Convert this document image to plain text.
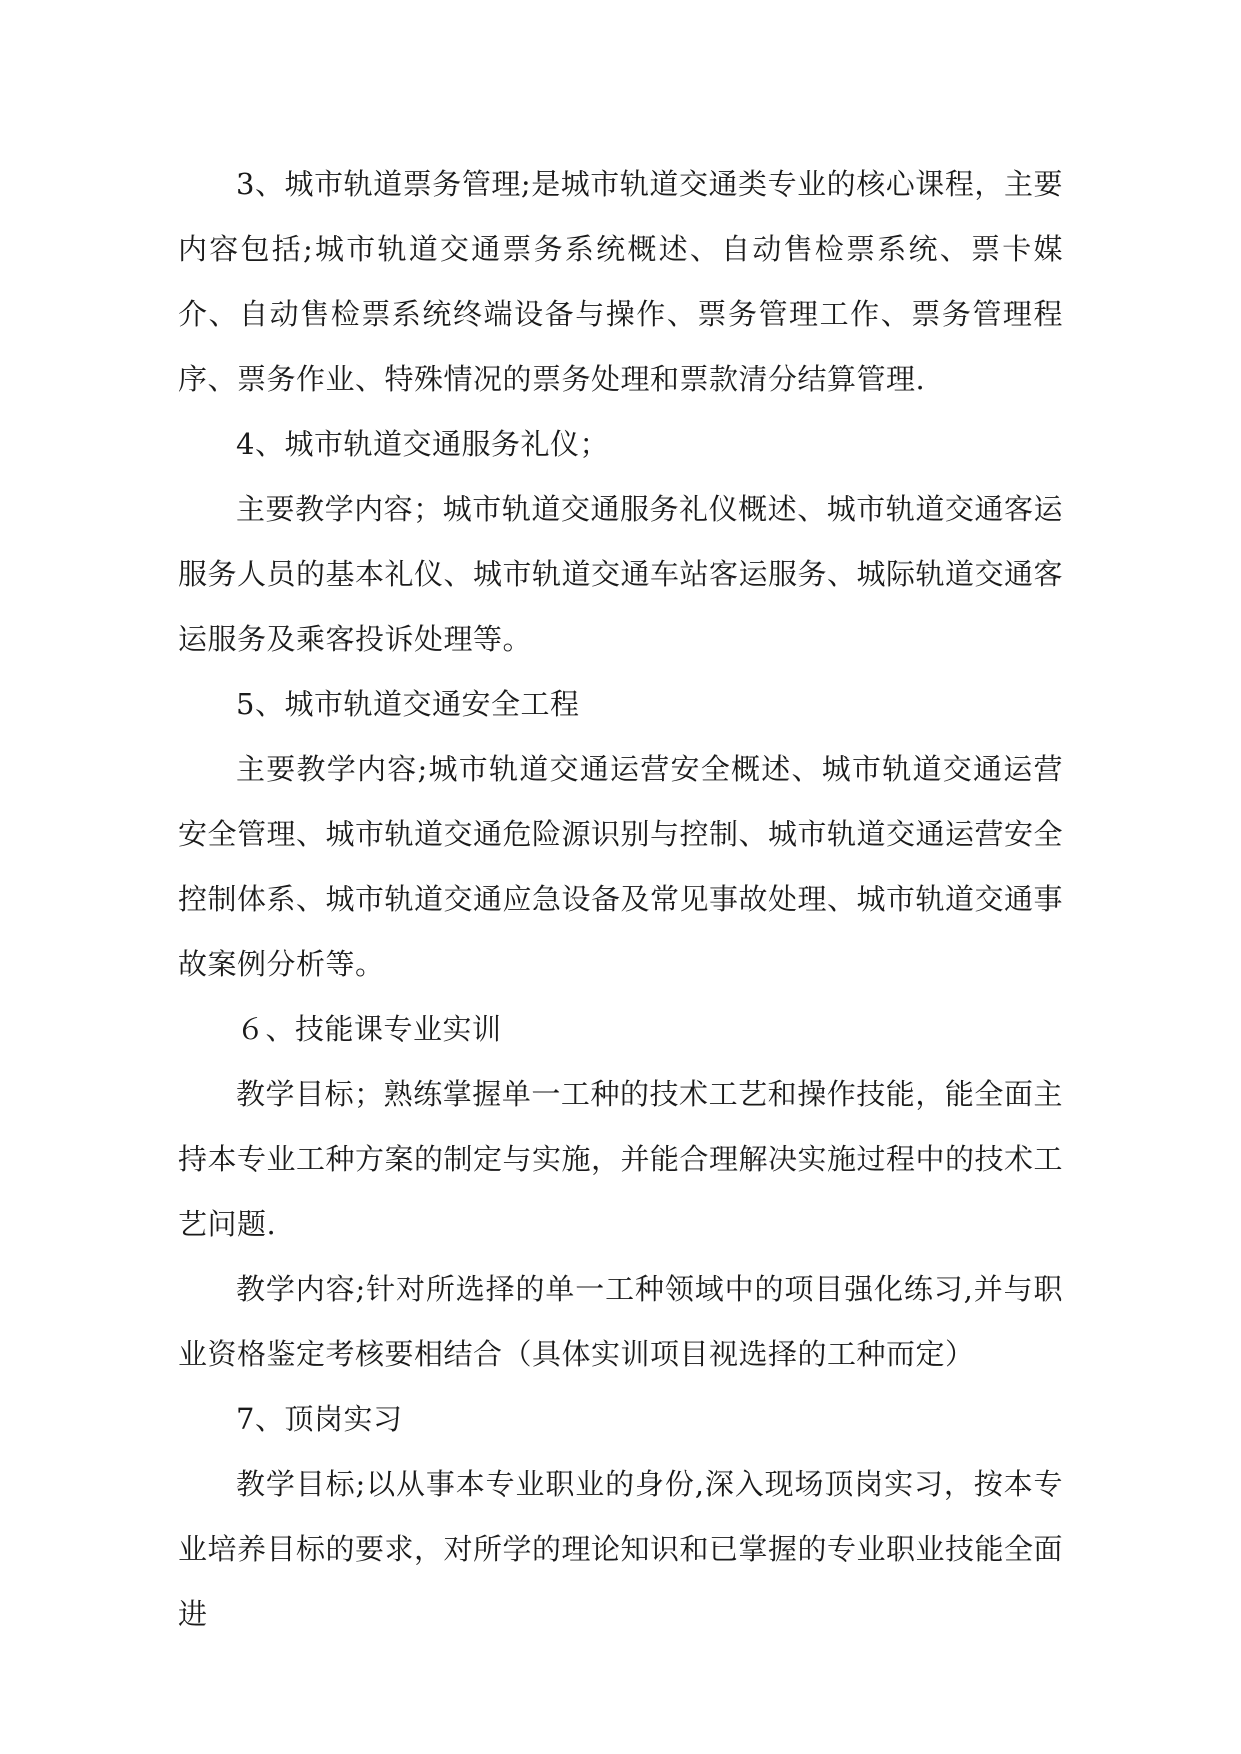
3、城市轨道票务管理;是城市轨道交通类专业的核心课程，主要内容包括;城市轨道交通票务系统概述、自动售检票系统、票卡媒介、自动售检票系统终端设备与操作、票务管理工作、票务管理程序、票务作业、特殊情况的票务处理和票款清分结算管理.

4、城市轨道交通服务礼仪；

主要教学内容；城市轨道交通服务礼仪概述、城市轨道交通客运服务人员的基本礼仪、城市轨道交通车站客运服务、城际轨道交通客运服务及乘客投诉处理等。

5、城市轨道交通安全工程

主要教学内容;城市轨道交通运营安全概述、城市轨道交通运营安全管理、城市轨道交通危险源识别与控制、城市轨道交通运营安全控制体系、城市轨道交通应急设备及常见事故处理、城市轨道交通事故案例分析等。

６、技能课专业实训

教学目标；熟练掌握单一工种的技术工艺和操作技能，能全面主持本专业工种方案的制定与实施，并能合理解决实施过程中的技术工艺问题.

教学内容;针对所选择的单一工种领域中的项目强化练习,并与职业资格鉴定考核要相结合（具体实训项目视选择的工种而定）

7、顶岗实习

教学目标;以从事本专业职业的身份,深入现场顶岗实习，按本专业培养目标的要求，对所学的理论知识和已掌握的专业职业技能全面进
